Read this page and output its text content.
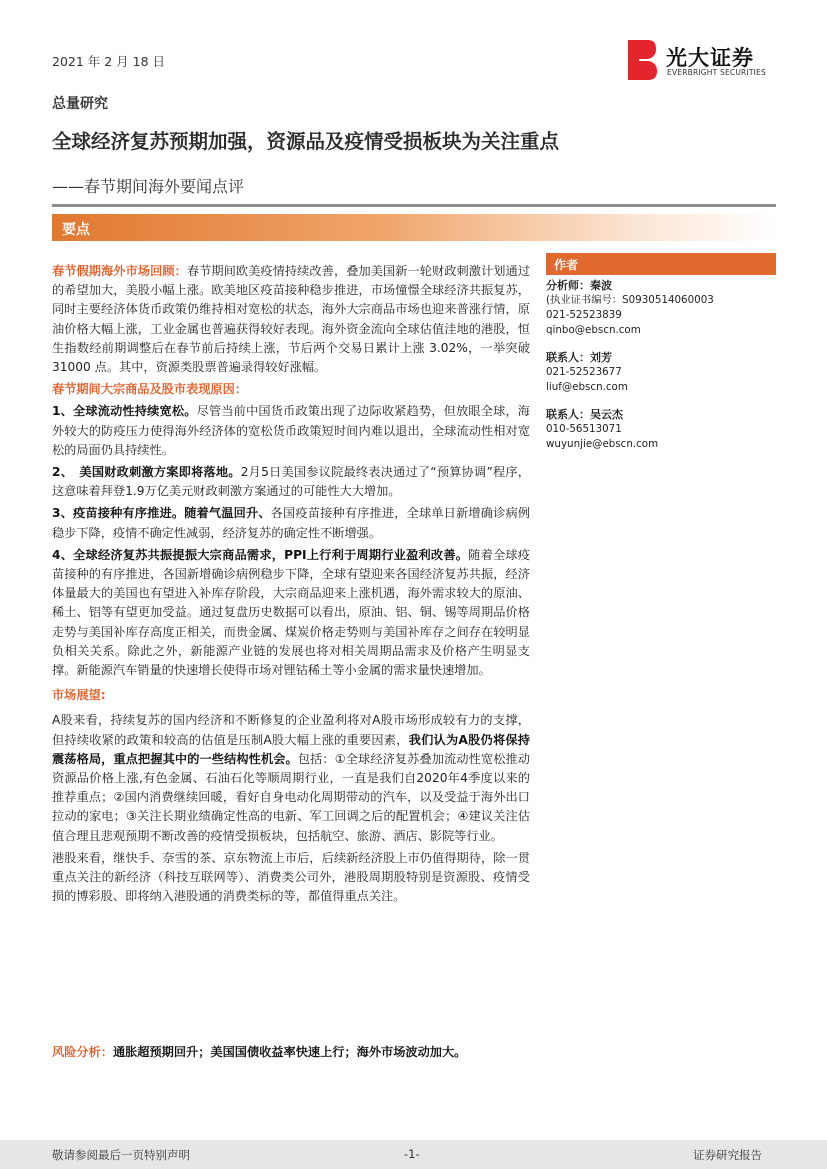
2021 年 2 月 18 日	光大证券
EVERBRIGHT SECURITIES
总量研究
全球经济复苏预期加强，资源品及疫情受损板块为关注重点
——春节期间海外要闻点评
要点

春节假期海外市场回顾：春节期间欧美疫情持续改善，叠加美国新一轮财政刺激计划通过的希望加大，美股小幅上涨。欧美地区疫苗接种稳步推进，市场憧憬全球经济共振复苏，同时主要经济体货币政策仍维持相对宽松的状态，海外大宗商品市场也迎来普涨行情，原油价格大幅上涨，工业金属也普遍获得较好表现。海外资金流向全球估值洼地的港股，恒生指数经前期调整后在春节前后持续上涨，节后两个交易日累计上涨 3.02%，一举突破 31000 点。其中，资源类股票普遍录得较好涨幅。

春节期间大宗商品及股市表现原因：

1、全球流动性持续宽松。尽管当前中国货币政策出现了边际收紧趋势，但放眼全球，海外较大的防疫压力使得海外经济体的宽松货币政策短时间内难以退出，全球流动性相对宽松的局面仍具持续性。

2、　美国财政刺激方案即将落地。2月5日美国参议院最终表决通过了“预算协调”程序，这意味着拜登1.9万亿美元财政刺激方案通过的可能性大大增加。

3、疫苗接种有序推进。随着气温回升、各国疫苗接种有序推进，全球单日新增确诊病例稳步下降，疫情不确定性减弱，经济复苏的确定性不断增强。

4、全球经济复苏共振提振大宗商品需求，PPI上行利于周期行业盈利改善。随着全球疫苗接种的有序推进，各国新增确诊病例稳步下降，全球有望迎来各国经济复苏共振，经济体量最大的美国也有望进入补库存阶段，大宗商品迎来上涨机遇，海外需求较大的原油、稀土、铝等有望更加受益。通过复盘历史数据可以看出，原油、铝、铜、锡等周期品价格走势与美国补库存高度正相关，而贵金属、煤炭价格走势则与美国补库存之间存在较明显负相关关系。除此之外，新能源产业链的发展也将对相关周期品需求及价格产生明显支撑。新能源汽车销量的快速增长使得市场对锂钴稀土等小金属的需求量快速增加。

市场展望:

A股来看，持续复苏的国内经济和不断修复的企业盈利将对A股市场形成较有力的支撑，但持续收紧的政策和较高的估值是压制A股大幅上涨的重要因素，我们认为A股仍将保持震荡格局，重点把握其中的一些结构性机会。包括：①全球经济复苏叠加流动性宽松推动资源品价格上涨,有色金属、石油石化等顺周期行业，一直是我们自2020年4季度以来的推荐重点；②国内消费继续回暖，看好自身电动化周期带动的汽车，以及受益于海外出口拉动的家电；③关注长期业绩确定性高的电新、军工回调之后的配置机会；④建议关注估值合理且悲观预期不断改善的疫情受损板块，包括航空、旅游、酒店、影院等行业。

港股来看，继快手、奈雪的茶、京东物流上市后，后续新经济股上市仍值得期待，除一贯重点关注的新经济（科技互联网等）、消费类公司外，港股周期股特别是资源股、疫情受损的博彩股、即将纳入港股通的消费类标的等，都值得重点关注。

风险分析：通胀超预期回升；美国国债收益率快速上行；海外市场波动加大。
作者
分析师：秦波
(执业证书编号：S0930514060003
021-52523839
qinbo@ebscn.com
联系人：刘芳
021-52523677
liuf@ebscn.com
联系人：吴云杰
010-56513071
wuyunjie@ebscn.com
敬请参阅最后一页特别声明	-1-	证券研究报告
